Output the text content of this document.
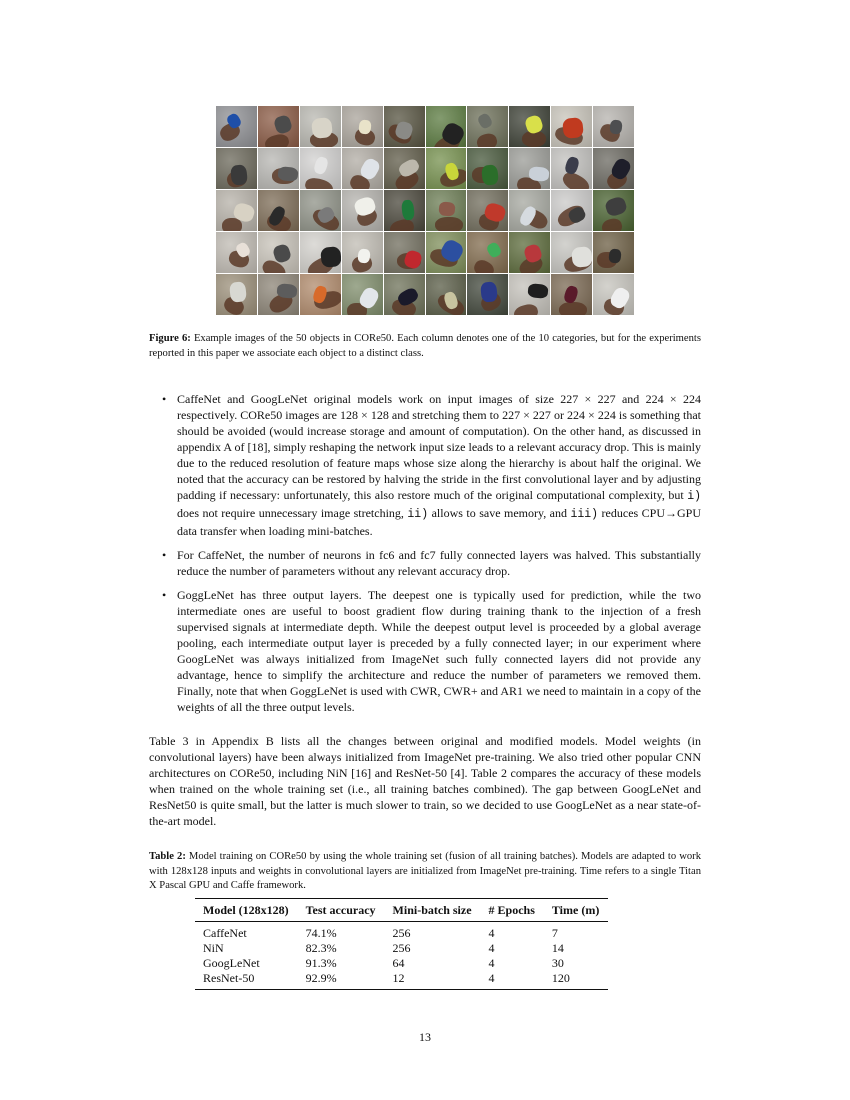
Figure 6: Example images of the 50 objects in CORe50. Each column denotes one of the 10 categories, but for the experiments reported in this paper we associate each object to a distinct class.
• CaffeNet and GoogLeNet original models work on input images of size 227 × 227 and 224 × 224 respectively. CORe50 images are 128 × 128 and stretching them to 227 × 227 or 224 × 224 is something that should be avoided (would increase storage and amount of computation). On the other hand, as discussed in appendix A of [18], simply reshaping the network input size leads to a relevant accuracy drop. This is mainly due to the reduced resolution of feature maps whose size along the hierarchy is about half the original. We noted that the accuracy can be restored by halving the stride in the first convolutional layer and by adjusting padding if necessary: unfortunately, this also restore much of the original computational complexity, but i) does not require unnecessary image stretching, ii) allows to save memory, and iii) reduces CPU→GPU data transfer when loading mini-batches.
• For CaffeNet, the number of neurons in fc6 and fc7 fully connected layers was halved. This substantially reduce the number of parameters without any relevant accuracy drop.
• GoggLeNet has three output layers. The deepest one is typically used for prediction, while the two intermediate ones are useful to boost gradient flow during training thank to the injection of a fresh supervised signals at intermediate depth. While the deepest output level is proceeded by a global average pooling, each intermediate output layer is preceded by a fully connected layer; in our experiment where GoogLeNet was always initialized from ImageNet such fully connected layers did not provide any advantage, hence to simplify the architecture and reduce the number of parameters we removed them. Finally, note that when GoggLeNet is used with CWR, CWR+ and AR1 we need to maintain in a copy of the weights of all the three output levels.

Table 3 in Appendix B lists all the changes between original and modified models. Model weights (in convolutional layers) have been always initialized from ImageNet pre-training. We also tried other popular CNN architectures on CORe50, including NiN [16] and ResNet-50 [4]. Table 2 compares the accuracy of these models when trained on the whole training set (i.e., all training batches combined). The gap between GoogLeNet and ResNet50 is quite small, but the latter is much slower to train, so we decided to use GoogLeNet as a near state-of-the-art model.

Table 2: Model training on CORe50 by using the whole training set (fusion of all training batches). Models are adapted to work with 128x128 inputs and weights in convolutional layers are initialized from ImageNet pre-training. Time refers to a single Titan X Pascal GPU and Caffe framework.

Model (128x128)	Test accuracy	Mini-batch size	# Epochs	Time (m)
CaffeNet	74.1%	256	4	7
NiN	82.3%	256	4	14
GoogLeNet	91.3%	64	4	30
ResNet-50	92.9%	12	4	120
13
